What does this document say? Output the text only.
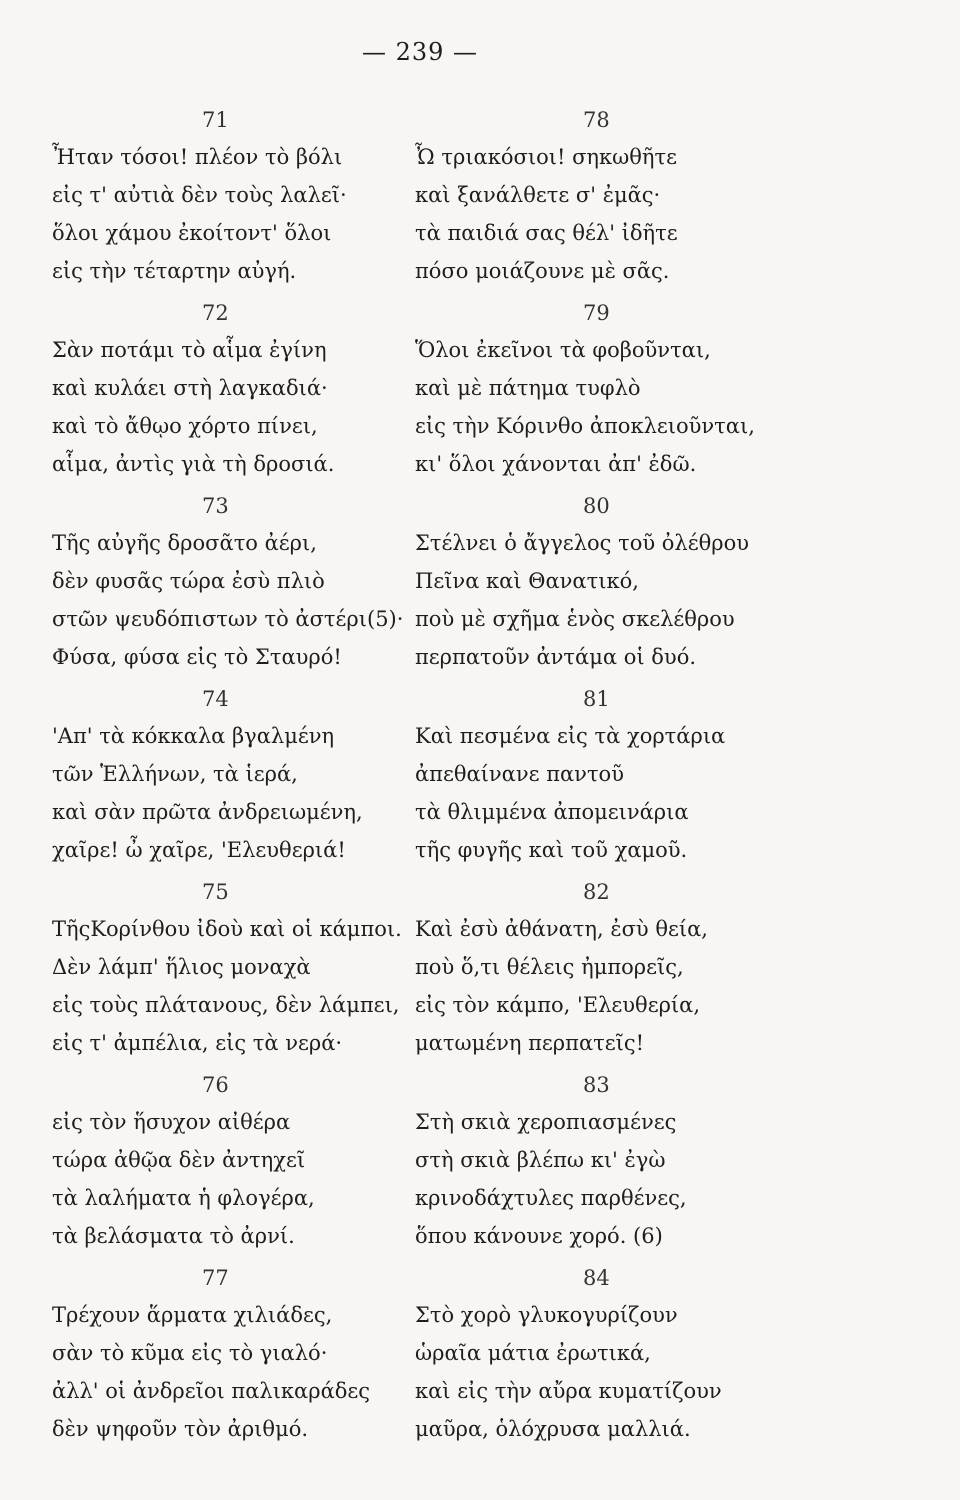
— 239 —
71
Ἦταν τόσοι! πλέον τὸ βόλι
εἰς τ' αὐτιὰ δὲν τοὺς λαλεῖ·
ὅλοι χάμου ἐκοίτοντ' ὅλοι
εἰς τὴν τέταρτην αὐγή.
72
Σὰν ποτάμι τὸ αἷμα ἐγίνη
καὶ κυλάει στὴ λαγκαδιά·
καὶ τὸ ἄθῳο χόρτο πίνει,
αἷμα, ἀντὶς γιὰ τὴ δροσιά.
73
Τῆς αὐγῆς δροσᾶτο ἀέρι,
δὲν φυσᾶς τώρα ἐσὺ πλιὸ
στῶν ψευδόπιστων τὸ ἀστέρι(5)·
Φύσα, φύσα εἰς τὸ Σταυρό!
74
'Απ' τὰ κόκκαλα βγαλμένη
τῶν Ἑλλήνων, τὰ ἱερά,
καὶ σὰν πρῶτα ἀνδρειωμένη,
χαῖρε! ὦ χαῖρε, 'Ελευθεριά!
75
ΤῆςΚορίνθου ἰδοὺ καὶ οἱ κάμποι.
Δὲν λάμπ' ἥλιος μοναχὰ
εἰς τοὺς πλάτανους, δὲν λάμπει,
εἰς τ' ἀμπέλια, εἰς τὰ νερά·
76
εἰς τὸν ἥσυχον αἰθέρα
τώρα ἀθῷα δὲν ἀντηχεῖ
τὰ λαλήματα ἡ φλογέρα,
τὰ βελάσματα τὸ ἀρνί.
77
Τρέχουν ἅρματα χιλιάδες,
σὰν τὸ κῦμα εἰς τὸ γιαλό·
ἀλλ' οἱ ἀνδρεῖοι παλικαράδες
δὲν ψηφοῦν τὸν ἀριθμό.
78
Ὦ τριακόσιοι! σηκωθῆτε
καὶ ξανάλθετε σ' ἐμᾶς·
τὰ παιδιά σας θέλ' ἰδῆτε
πόσο μοιάζουνε μὲ σᾶς.
79
Ὅλοι ἐκεῖνοι τὰ φοβοῦνται,
καὶ μὲ πάτημα τυφλὸ
εἰς τὴν Κόρινθο ἀποκλειοῦνται,
κι' ὅλοι χάνονται ἀπ' ἐδῶ.
80
Στέλνει ὁ ἄγγελος τοῦ ὀλέθρου
Πεῖνα καὶ Θανατικό,
ποὺ μὲ σχῆμα ἑνὸς σκελέθρου
περπατοῦν ἀντάμα οἱ δυό.
81
Καὶ πεσμένα εἰς τὰ χορτάρια
ἀπεθαίνανε παντοῦ
τὰ θλιμμένα ἀπομεινάρια
τῆς φυγῆς καὶ τοῦ χαμοῦ.
82
Καὶ ἐσὺ ἀθάνατη, ἐσὺ θεία,
ποὺ ὅ,τι θέλεις ἠμπορεῖς,
εἰς τὸν κάμπο, 'Ελευθερία,
ματωμένη περπατεῖς!
83
Στὴ σκιὰ χεροπιασμένες
στὴ σκιὰ βλέπω κι' ἐγὼ
κρινοδάχτυλες παρθένες,
ὅπου κάνουνε χορό. (6)
84
Στὸ χορὸ γλυκογυρίζουν
ὡραῖα μάτια ἐρωτικά,
καὶ εἰς τὴν αὔρα κυματίζουν
μαῦρα, ὁλόχρυσα μαλλιά.
